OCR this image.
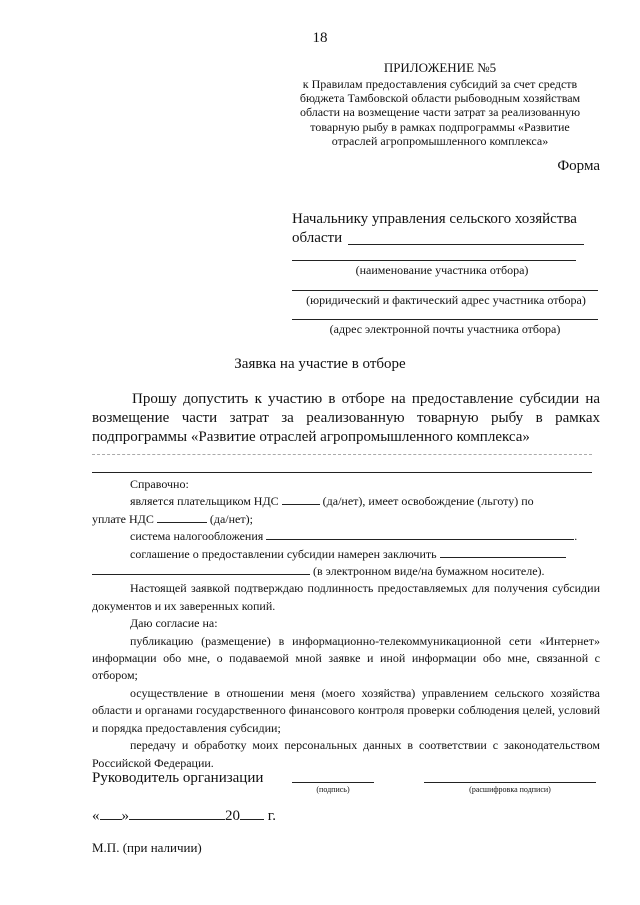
18
ПРИЛОЖЕНИЕ №5
к Правилам предоставления субсидий за счет средств
бюджета Тамбовской области рыбоводным хозяйствам
области на возмещение части затрат за реализованную
товарную рыбу в рамках подпрограммы «Развитие
отраслей агропромышленного комплекса»
Форма
Начальнику управления сельского хозяйства
области
(наименование участника отбора)
(юридический и фактический адрес участника отбора)
(адрес электронной почты участника отбора)
Заявка на участие в отборе
Прошу допустить к участию в отборе на предоставление субсидии на возмещение части затрат за реализованную товарную рыбу в рамках подпрограммы «Развитие отраслей агропромышленного комплекса»

Справочно:

является плательщиком НДС	(да/нет), имеет освобождение (льготу) по

уплате НДС	(да/нет);

система налогообложения	.

соглашение о предоставлении субсидии намерен заключить

(в электронном виде/на бумажном носителе).

Настоящей заявкой подтверждаю подлинность предоставляемых для получения субсидии документов и их заверенных копий.

Даю согласие на:

публикацию (размещение) в информационно-телекоммуникационной сети «Интернет» информации обо мне, о подаваемой мной заявке и иной информации обо мне, связанной с отбором;

осуществление в отношении меня (моего хозяйства) управлением сельского хозяйства области и органами государственного финансового контроля проверки соблюдения целей, условий и порядка предоставления субсидии;

передачу и обработку моих персональных данных в соответствии с законодательством Российской Федерации.

Руководитель организации
(подпись)	(расшифровка подписи)
« »	20 г.
М.П. (при наличии)
